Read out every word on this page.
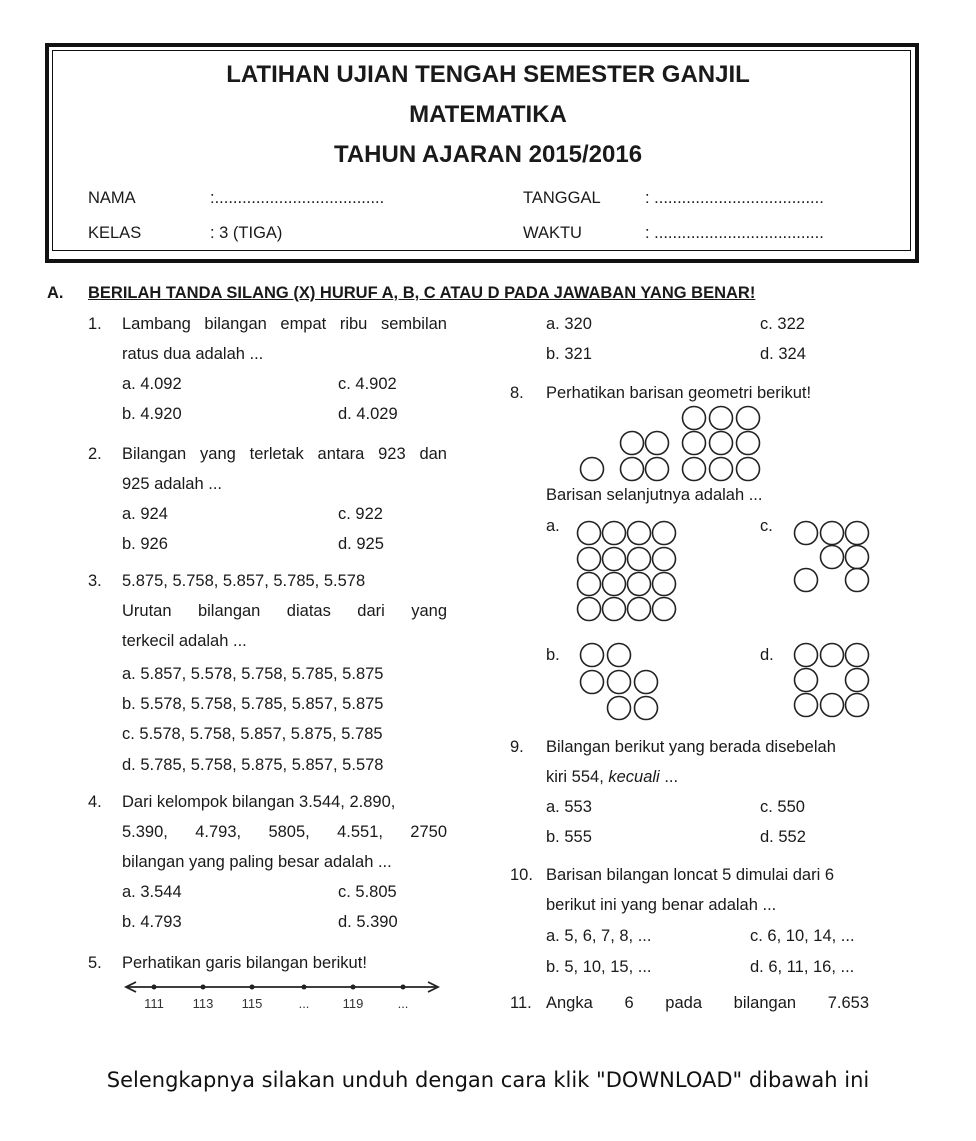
LATIHAN UJIAN TENGAH SEMESTER GANJIL
MATEMATIKA
TAHUN AJARAN 2015/2016
NAMA	:.....................................
KELAS	: 3 (TIGA)
TANGGAL	: .....................................
WAKTU	: .....................................
A. BERILAH TANDA SILANG (X) HURUF A, B, C ATAU D PADA JAWABAN YANG BENAR!
1. Lambang bilangan empat ribu sembilan
ratus dua adalah ...
a. 4.092	c. 4.902
b. 4.920	d. 4.029
2. Bilangan yang terletak antara 923 dan
925 adalah ...
a. 924	c. 922
b. 926	d. 925
3. 5.875, 5.758, 5.857, 5.785, 5.578
Urutan bilangan diatas dari yang
terkecil adalah ...
a. 5.857, 5.578, 5.758, 5.785, 5.875
b. 5.578, 5.758, 5.785, 5.857, 5.875
c. 5.578, 5.758, 5.857, 5.875, 5.785
d. 5.785, 5.758, 5.875, 5.857, 5.578
4. Dari kelompok bilangan 3.544, 2.890,
5.390, 4.793, 5805, 4.551, 2750
bilangan yang paling besar adalah ...
a. 3.544	c. 5.805
b. 4.793	d. 5.390
5. Perhatikan garis bilangan berikut!
111	113	115	...	119	...
a. 320	c. 322
b. 321	d. 324
8. Perhatikan barisan geometri berikut!
Barisan selanjutnya adalah ...
a.	c.
b.	d.
9. Bilangan berikut yang berada disebelah
kiri 554, kecuali ...
a. 553	c. 550
b. 555	d. 552
10. Barisan bilangan loncat 5 dimulai dari 6
berikut ini yang benar adalah ...
a. 5, 6, 7, 8, ...	c. 6, 10, 14, ...
b. 5, 10, 15, ...	d. 6, 11, 16, ...
11. Angka 6 pada bilangan 7.653
Selengkapnya silakan unduh dengan cara klik "DOWNLOAD" dibawah ini
